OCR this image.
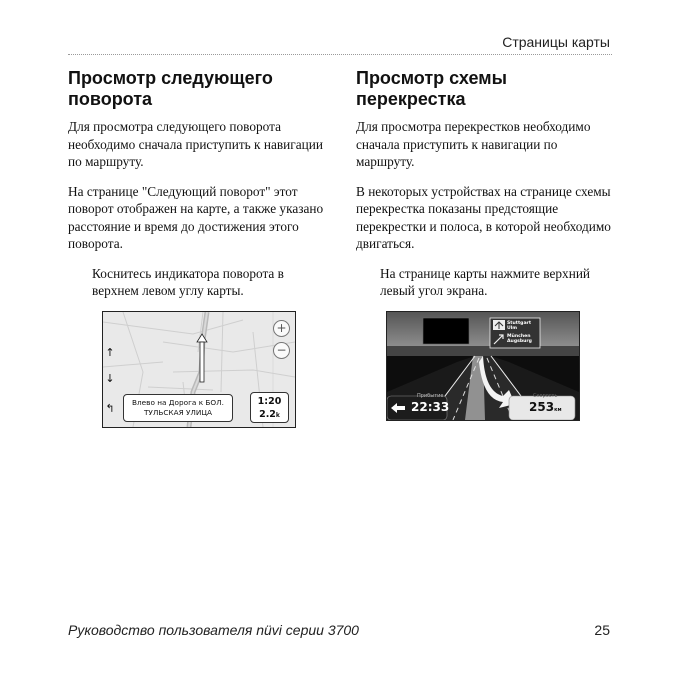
Страницы карты
Просмотр следующего поворота

Для просмотра следующего поворота необходимо сначала приступить к навигации по маршруту.

На странице "Следующий поворот" этот поворот отображен на карте, а также указано расстояние и время до достижения этого поворота.

Коснитесь индикатора поворота в верхнем левом углу карты.

↑
↓
↰
+
−
Влево на Дорога к БОЛ.
ТУЛЬСКАЯ УЛИЦА
1:20
2.2k
Просмотр схемы перекрестка

Для просмотра перекрестков необходимо сначала приступить к навигации по маршруту.

В некоторых устройствах на странице схемы перекрестка показаны предстоящие перекрестки и полоса, в которой необходимо двигаться.

На странице карты нажмите верхний левый угол экрана.

Stuttgart
Ulm
München
Augsburg
Прибытие
22:33
Скорость
253км
Руководство пользователя nüvi серии 3700	25
